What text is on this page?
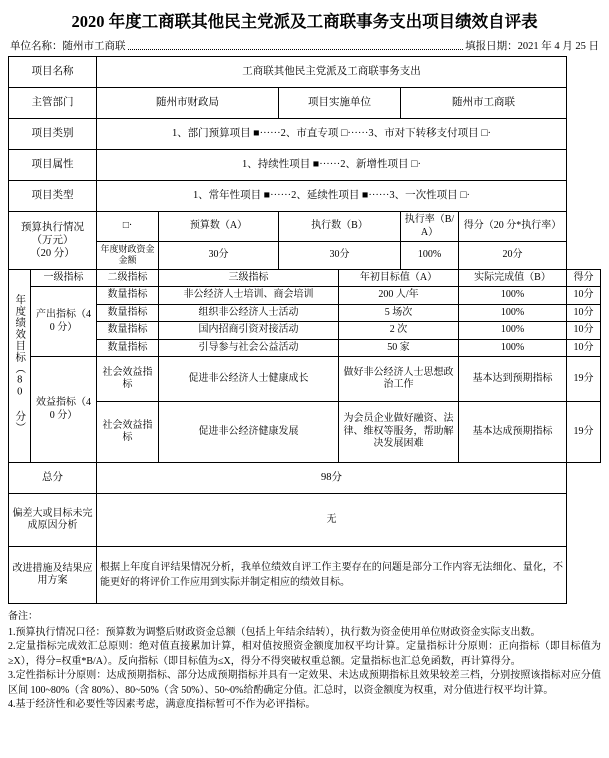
2020 年度工商联其他民主党派及工商联事务支出项目绩效自评表
单位名称： 随州市工商联	填报日期： 2021 年 4 月 25 日
项目名称		工商联其他民主党派及工商联事务支出						
主管部门		随州市财政局		项目实施单位		随州市工商联		
项目类别		1、部门预算项目 ■······2、市直专项 □······3、市对下转移支付项目 □·						
项目属性		1、持续性项目 ■······2、新增性项目 □·						
项目类型		1、常年性项目 ■······2、延续性项目 ■······3、一次性项目 □·						

预算执行情况
（万元）
（20 分）		□·	预算数（A）	执行数（B）		执行率（B/A）	得分（20 分*执行率）	
		年度财政资金金额	30分	30分		100%	20分	
年度绩效目标（80 分）	一级指标	二级指标	三级指标		年初目标值（A）		实际完成值（B）	得分
	产出指标（40 分）	数量指标	非公经济人士培训、商会培训		200 人/年		100%	10分
		数量指标	组织非公经济人士活动		5 场次		100%	10分
		数量指标	国内招商引资对接活动		2 次		100%	10分
		数量指标	引导参与社会公益活动		50 家		100%	10分
	效益指标（40 分）	社会效益指标	促进非公经济人士健康成长		做好非公经济人士思想政治工作		基本达到预期指标	19分
		社会效益指标	促进非公经济健康发展		为会员企业做好融资、法律、维权等服务，帮助解决发展困难		基本达成预期指标	19分
总分		98分						
偏差大或目标未完成原因分析		无						
改进措施及结果应用方案		根据上年度自评结果情况分析，我单位绩效自评工作主要存在的问题是部分工作内容无法细化、量化，不能更好的将评价工作应用到实际并制定相应的绩效目标。						
备注：

1.预算执行情况口径：预算数为调整后财政资金总额（包括上年结余结转），执行数为资金使用单位财政资金实际支出数。

2.定量指标完成效汇总原则：绝对值直接累加计算，相对值按照资金额度加权平均计算。定量指标计分原则：正向指标（即目标值为≥X），得分=权重*B/A）。反向指标（即目标值为≤X，得分不得突破权重总额。定量指标也汇总免函数，再计算得分。

3.定性指标计分原则：达成预期指标、部分达成预期指标并具有一定效果、未达成预期指标且效果较差三档，分别按照该指标对应分值区间 100~80%（含 80%）、80~50%（含 50%）、50~0%给酌确定分值。汇总时，以资金额度为权重，对分值进行权平均计算。

4.基于经济性和必要性等因素考虑，满意度指标暂可不作为必评指标。
